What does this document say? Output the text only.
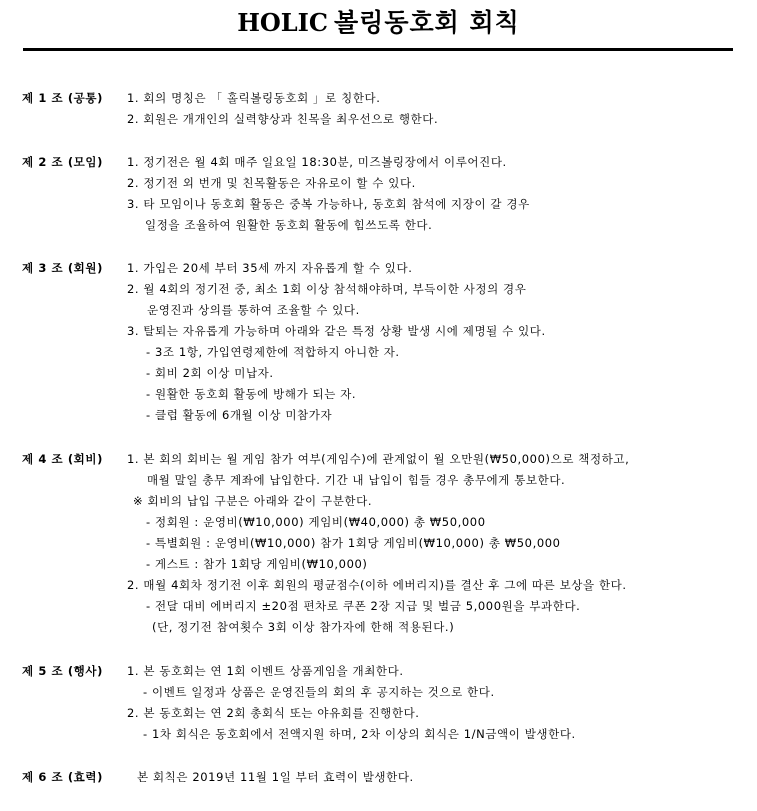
HOLIC 볼링동호회 회칙
제 1 조 (공통) 1. 회의 명칭은 「 홀릭볼링동호회 」로 칭한다.
2. 회원은 개개인의 실력향상과 친목을 최우선으로 행한다.
제 2 조 (모임) 1. 정기전은 월 4회 매주 일요일 18:30분, 미즈볼링장에서 이루어진다.
2. 정기전 외 번개 및 친목활동은 자유로이 할 수 있다.
3. 타 모임이나 동호회 활동은 중복 가능하나, 동호회 참석에 지장이 갈 경우
일정을 조율하여 원활한 동호회 활동에 힘쓰도록 한다.
제 3 조 (회원) 1. 가입은 20세 부터 35세 까지 자유롭게 할 수 있다.
2. 월 4회의 정기전 중, 최소 1회 이상 참석해야하며, 부득이한 사정의 경우
운영진과 상의를 통하여 조율할 수 있다.
3. 탈퇴는 자유롭게 가능하며 아래와 같은 특정 상황 발생 시에 제명될 수 있다.
- 3조 1항, 가입연령제한에 적합하지 아니한 자.
- 회비 2회 이상 미납자.
- 원활한 동호회 활동에 방해가 되는 자.
- 클럽 활동에 6개월 이상 미참가자
제 4 조 (회비) 1. 본 회의 회비는 월 게임 참가 여부(게임수)에 관계없이 월 오만원(₩50,000)으로 책정하고,
매월 말일 총무 계좌에 납입한다. 기간 내 납입이 힘들 경우 총무에게 통보한다.
※ 회비의 납입 구분은 아래와 같이 구분한다.
- 정회원 : 운영비(₩10,000) 게임비(₩40,000) 총 ₩50,000
- 특별회원 : 운영비(₩10,000) 참가 1회당 게임비(₩10,000) 총 ₩50,000
- 게스트 : 참가 1회당 게임비(₩10,000)
2. 매월 4회차 정기전 이후 회원의 평균점수(이하 에버리지)를 결산 후 그에 따른 보상을 한다.
- 전달 대비 에버리지 ±20점 편차로 쿠폰 2장 지급 및 벌금 5,000원을 부과한다.
(단, 정기전 참여횟수 3회 이상 참가자에 한해 적용된다.)
제 5 조 (행사) 1. 본 동호회는 연 1회 이벤트 상품게임을 개최한다.
- 이벤트 일정과 상품은 운영진들의 회의 후 공지하는 것으로 한다.
2. 본 동호회는 연 2회 총회식 또는 야유회를 진행한다.
- 1차 회식은 동호회에서 전액지원 하며, 2차 이상의 회식은 1/N금액이 발생한다.
제 6 조 (효력)	본 회칙은 2019년 11월 1일 부터 효력이 발생한다.
